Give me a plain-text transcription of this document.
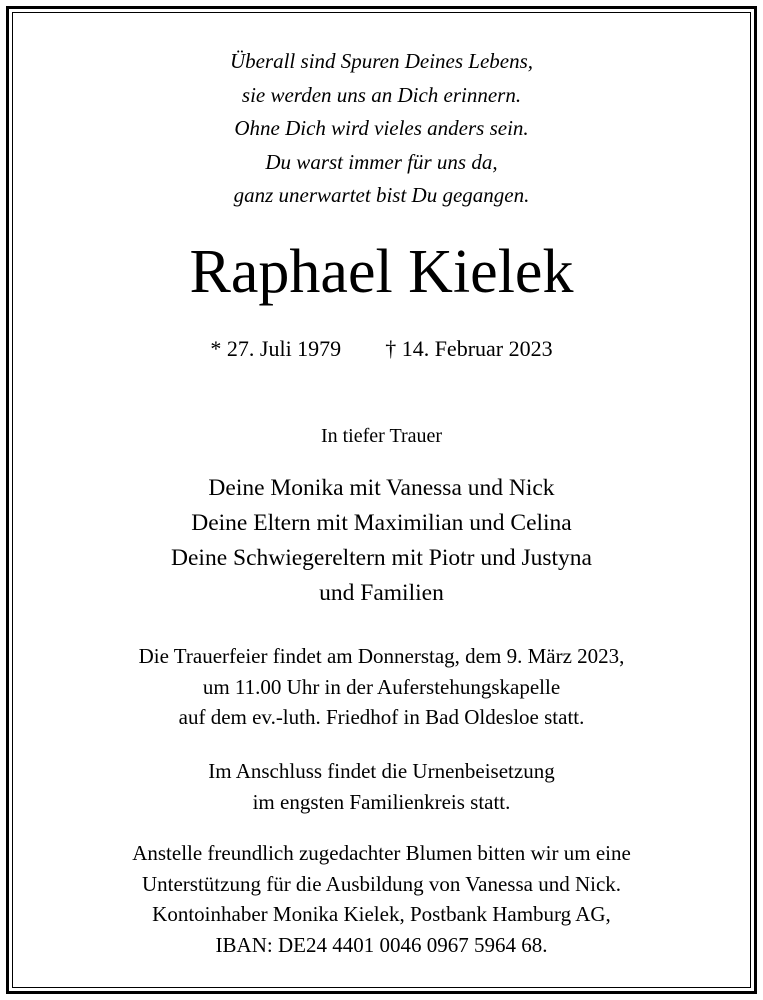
Überall sind Spuren Deines Lebens,
sie werden uns an Dich erinnern.
Ohne Dich wird vieles anders sein.
Du warst immer für uns da,
ganz unerwartet bist Du gegangen.
Raphael Kielek
* 27. Juli 1979 † 14. Februar 2023
In tiefer Trauer
Deine Monika mit Vanessa und Nick
Deine Eltern mit Maximilian und Celina
Deine Schwiegereltern mit Piotr und Justyna
und Familien
Die Trauerfeier findet am Donnerstag, dem 9. März 2023,
um 11.00 Uhr in der Auferstehungskapelle
auf dem ev.-luth. Friedhof in Bad Oldesloe statt.
Im Anschluss findet die Urnenbeisetzung
im engsten Familienkreis statt.
Anstelle freundlich zugedachter Blumen bitten wir um eine
Unterstützung für die Ausbildung von Vanessa und Nick.
Kontoinhaber Monika Kielek, Postbank Hamburg AG,
IBAN: DE24 4401 0046 0967 5964 68.
